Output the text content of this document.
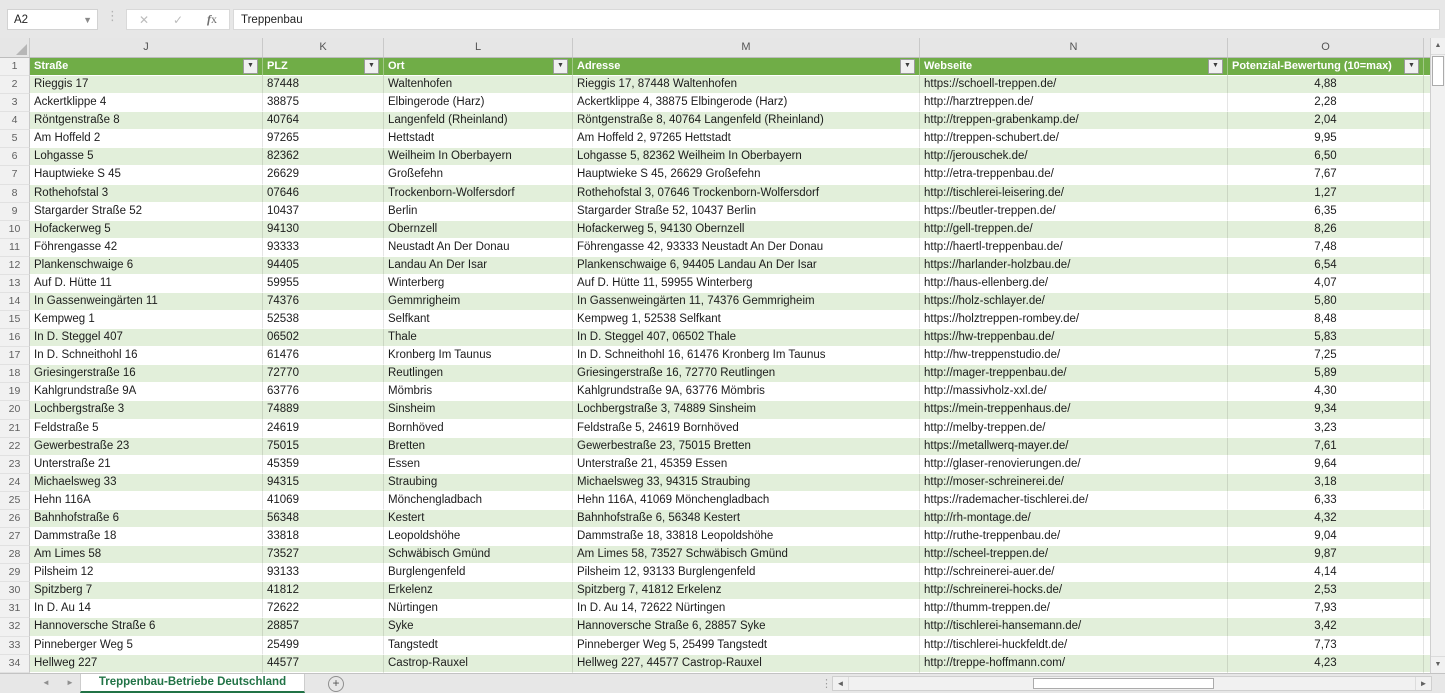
A2	▼	⋮ ✕ ✓ fx	Treppenbau
J	K	L	M	N	O
1	Straße	▼	PLZ	▼	Ort	▼	Adresse	▼	Webseite	▼	Potenzial-Bewertung (10=max)	▼
2	Rieggis 17	87448	Waltenhofen	Rieggis 17, 87448 Waltenhofen	https://schoell-treppen.de/	4,88
3	Ackertklippe 4	38875	Elbingerode (Harz)	Ackertklippe 4, 38875 Elbingerode (Harz)	http://harztreppen.de/	2,28
4	Röntgenstraße 8	40764	Langenfeld (Rheinland)	Röntgenstraße 8, 40764 Langenfeld (Rheinland)	http://treppen-grabenkamp.de/	2,04
5	Am Hoffeld 2	97265	Hettstadt	Am Hoffeld 2, 97265 Hettstadt	http://treppen-schubert.de/	9,95
6	Lohgasse 5	82362	Weilheim In Oberbayern	Lohgasse 5, 82362 Weilheim In Oberbayern	http://jerouschek.de/	6,50
7	Hauptwieke S 45	26629	Großefehn	Hauptwieke S 45, 26629 Großefehn	http://etra-treppenbau.de/	7,67
8	Rothehofstal 3	07646	Trockenborn-Wolfersdorf	Rothehofstal 3, 07646 Trockenborn-Wolfersdorf	http://tischlerei-leisering.de/	1,27
9	Stargarder Straße 52	10437	Berlin	Stargarder Straße 52, 10437 Berlin	https://beutler-treppen.de/	6,35
10	Hofackerweg 5	94130	Obernzell	Hofackerweg 5, 94130 Obernzell	http://gell-treppen.de/	8,26
11	Föhrengasse 42	93333	Neustadt An Der Donau	Föhrengasse 42, 93333 Neustadt An Der Donau	http://haertl-treppenbau.de/	7,48
12	Plankenschwaige 6	94405	Landau An Der Isar	Plankenschwaige 6, 94405 Landau An Der Isar	https://harlander-holzbau.de/	6,54
13	Auf D. Hütte 11	59955	Winterberg	Auf D. Hütte 11, 59955 Winterberg	http://haus-ellenberg.de/	4,07
14	In Gassenweingärten 11	74376	Gemmrigheim	In Gassenweingärten 11, 74376 Gemmrigheim	https://holz-schlayer.de/	5,80
15	Kempweg 1	52538	Selfkant	Kempweg 1, 52538 Selfkant	https://holztreppen-rombey.de/	8,48
16	In D. Steggel 407	06502	Thale	In D. Steggel 407, 06502 Thale	https://hw-treppenbau.de/	5,83
17	In D. Schneithohl 16	61476	Kronberg Im Taunus	In D. Schneithohl 16, 61476 Kronberg Im Taunus	http://hw-treppenstudio.de/	7,25
18	Griesingerstraße 16	72770	Reutlingen	Griesingerstraße 16, 72770 Reutlingen	http://mager-treppenbau.de/	5,89
19	Kahlgrundstraße 9A	63776	Mömbris	Kahlgrundstraße 9A, 63776 Mömbris	http://massivholz-xxl.de/	4,30
20	Lochbergstraße 3	74889	Sinsheim	Lochbergstraße 3, 74889 Sinsheim	https://mein-treppenhaus.de/	9,34
21	Feldstraße 5	24619	Bornhöved	Feldstraße 5, 24619 Bornhöved	http://melby-treppen.de/	3,23
22	Gewerbestraße 23	75015	Bretten	Gewerbestraße 23, 75015 Bretten	https://metallwerq-mayer.de/	7,61
23	Unterstraße 21	45359	Essen	Unterstraße 21, 45359 Essen	http://glaser-renovierungen.de/	9,64
24	Michaelsweg 33	94315	Straubing	Michaelsweg 33, 94315 Straubing	http://moser-schreinerei.de/	3,18
25	Hehn 116A	41069	Mönchengladbach	Hehn 116A, 41069 Mönchengladbach	https://rademacher-tischlerei.de/	6,33
26	Bahnhofstraße 6	56348	Kestert	Bahnhofstraße 6, 56348 Kestert	http://rh-montage.de/	4,32
27	Dammstraße 18	33818	Leopoldshöhe	Dammstraße 18, 33818 Leopoldshöhe	http://ruthe-treppenbau.de/	9,04
28	Am Limes 58	73527	Schwäbisch Gmünd	Am Limes 58, 73527 Schwäbisch Gmünd	http://scheel-treppen.de/	9,87
29	Pilsheim 12	93133	Burglengenfeld	Pilsheim 12, 93133 Burglengenfeld	http://schreinerei-auer.de/	4,14
30	Spitzberg 7	41812	Erkelenz	Spitzberg 7, 41812 Erkelenz	http://schreinerei-hocks.de/	2,53
31	In D. Au 14	72622	Nürtingen	In D. Au 14, 72622 Nürtingen	http://thumm-treppen.de/	7,93
32	Hannoversche Straße 6	28857	Syke	Hannoversche Straße 6, 28857 Syke	http://tischlerei-hansemann.de/	3,42
33	Pinneberger Weg 5	25499	Tangstedt	Pinneberger Weg 5, 25499 Tangstedt	http://tischlerei-huckfeldt.de/	7,73
34	Hellweg 227	44577	Castrop-Rauxel	Hellweg 227, 44577 Castrop-Rauxel	http://treppe-hoffmann.com/	4,23
▲
▼
◄ ►	Treppenbau-Betriebe Deutschland	+	⋮ ◄	►
